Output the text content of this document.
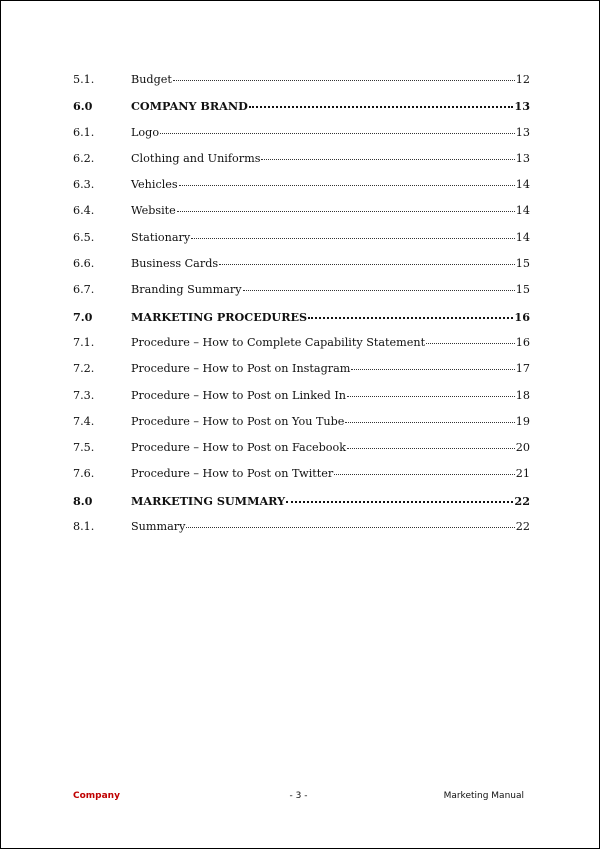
5.1.	Budget	12
6.0	COMPANY BRAND	13
6.1.	Logo	13
6.2.	Clothing and Uniforms	13
6.3.	Vehicles	14
6.4.	Website	14
6.5.	Stationary	14
6.6.	Business Cards	15
6.7.	Branding Summary	15
7.0	MARKETING PROCEDURES	16
7.1.	Procedure – How to Complete Capability Statement	16
7.2.	Procedure – How to Post on Instagram	17
7.3.	Procedure – How to Post on Linked In	18
7.4.	Procedure – How to Post on You Tube	19
7.5.	Procedure – How to Post on Facebook	20
7.6.	Procedure – How to Post on Twitter	21
8.0	MARKETING SUMMARY	22
8.1.	Summary	22
Company	- 3 -	Marketing Manual
